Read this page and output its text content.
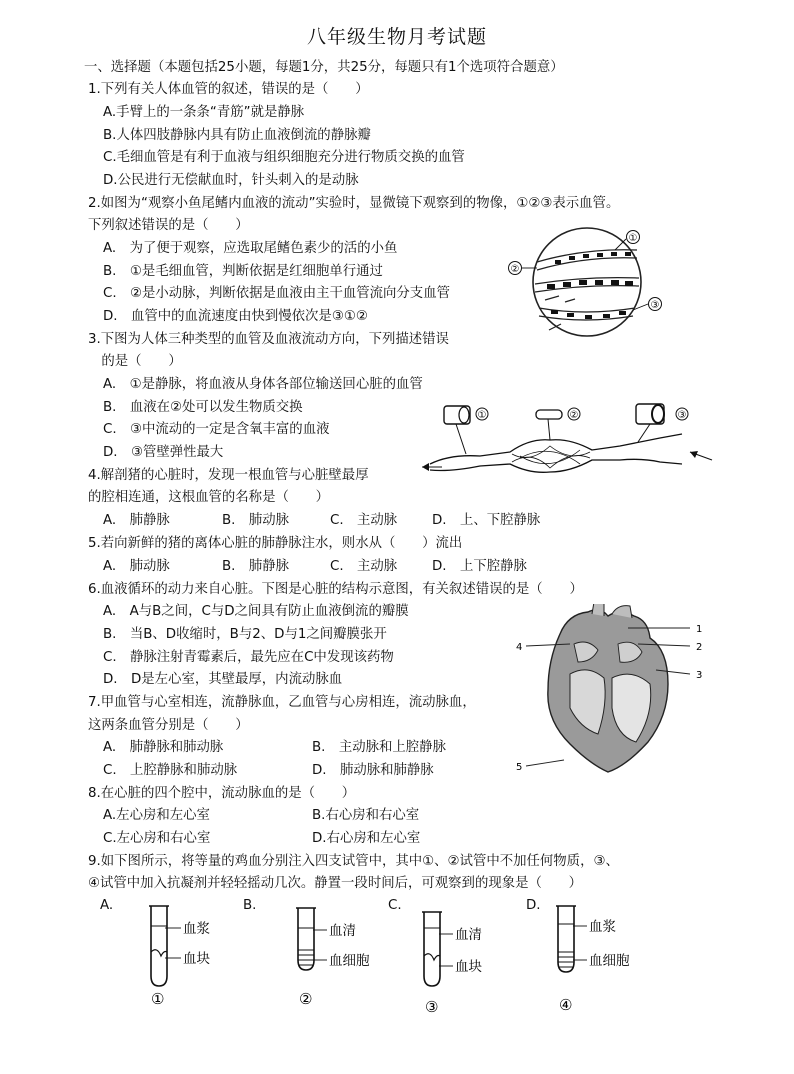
八年级生物月考试题
一、选择题（本题包括25小题，每题1分，共25分，每题只有1个选项符合题意）
1.下列有关人体血管的叙述，错误的是（　　）
A.手臂上的一条条“青筋”就是静脉
B.人体四肢静脉内具有防止血液倒流的静脉瓣
C.毛细血管是有利于血液与组织细胞充分进行物质交换的血管
D.公民进行无偿献血时，针头刺入的是动脉
2.如图为“观察小鱼尾鳍内血液的流动”实验时，显微镜下观察到的物像，①②③表示血管。
下列叙述错误的是（　　）
A.　为了便于观察，应选取尾鳍色素少的活的小鱼
B.　①是毛细血管，判断依据是红细胞单行通过
C.　②是小动脉，判断依据是血液由主干血管流向分支血管
D.　血管中的血流速度由快到慢依次是③①②
①
②
③
3.下图为人体三种类型的血管及血液流动方向，下列描述错误
　的是（　　）
A.　①是静脉，将血液从身体各部位输送回心脏的血管
B.　血液在②处可以发生物质交换
C.　③中流动的一定是含氧丰富的血液
D.　③管壁弹性最大
①	②	③
4.解剖猪的心脏时，发现一根血管与心脏壁最厚
的腔相连通，这根血管的名称是（　　）
A.　肺静脉	B.　肺动脉	C.　主动脉	D.　上、下腔静脉
5.若向新鲜的猪的离体心脏的肺静脉注水，则水从（　　）流出
A.　肺动脉	B.　肺静脉	C.　主动脉	D.　上下腔静脉
6.血液循环的动力来自心脏。下图是心脏的结构示意图，有关叙述错误的是（　　）
A.　A与B之间，C与D之间具有防止血液倒流的瓣膜
B.　当B、D收缩时，B与2、D与1之间瓣膜张开
C.　静脉注射青霉素后，最先应在C中发现该药物
D.　D是左心室，其壁最厚，内流动脉血
1
2
3
4
5
7.甲血管与心室相连，流静脉血，乙血管与心房相连，流动脉血，
这两条血管分别是（　　）
A.　肺静脉和肺动脉	B.　主动脉和上腔静脉
C.　上腔静脉和肺动脉	D.　肺动脉和肺静脉
8.在心脏的四个腔中，流动脉血的是（　　）
A.左心房和左心室	B.右心房和右心室
C.左心房和右心室	D.右心房和左心室
9.如下图所示，将等量的鸡血分别注入四支试管中，其中①、②试管中不加任何物质，③、
④试管中加入抗凝剂并轻轻摇动几次。静置一段时间后，可观察到的现象是（　　）
A.	B.	C.	D.
血浆
血块
①
血清
血细胞
②
血清
血块
③
血浆
血细胞
④
